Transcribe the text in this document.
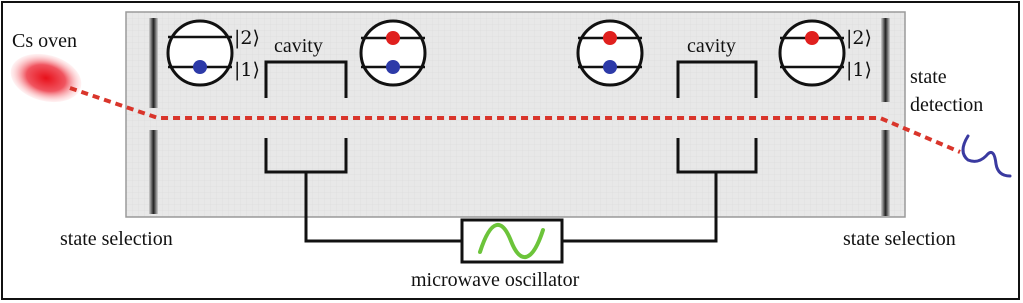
|2⟩
|1⟩
|2⟩
|1⟩
Cs oven	cavity	cavity
state
detection
state selection	state selection
microwave oscillator
